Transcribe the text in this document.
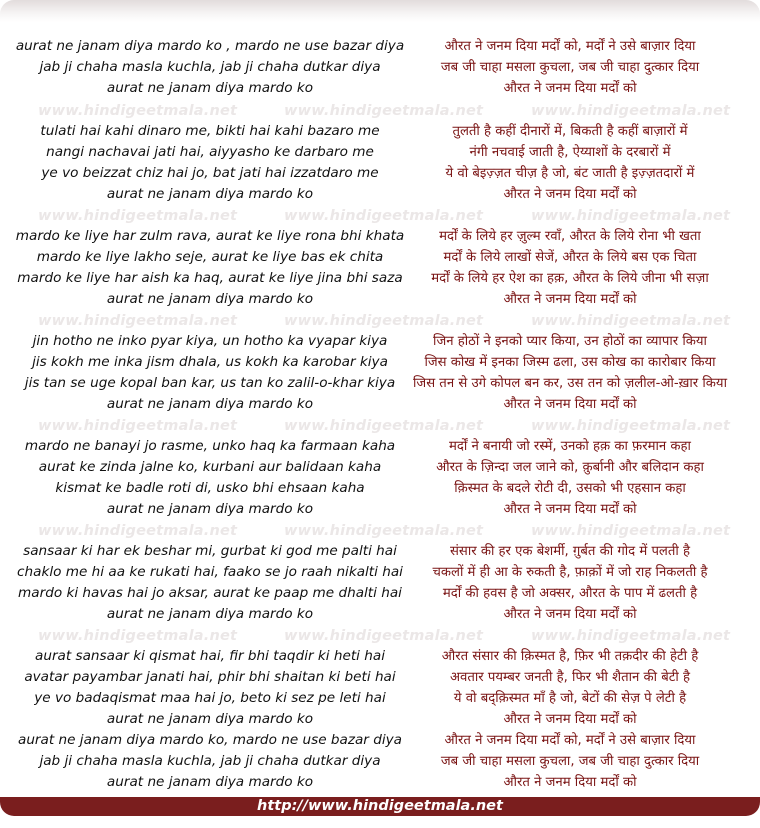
www.hindigeetmala.net	www.hindigeetmala.net	www.hindigeetmala.net
www.hindigeetmala.net	www.hindigeetmala.net	www.hindigeetmala.net
www.hindigeetmala.net	www.hindigeetmala.net	www.hindigeetmala.net
www.hindigeetmala.net	www.hindigeetmala.net	www.hindigeetmala.net
www.hindigeetmala.net	www.hindigeetmala.net	www.hindigeetmala.net
www.hindigeetmala.net	www.hindigeetmala.net	www.hindigeetmala.net
aurat ne janam diya mardo ko , mardo ne use bazar diya
jab ji chaha masla kuchla, jab ji chaha dutkar diya
aurat ne janam diya mardo ko
औरत ने जनम दिया मर्दों को, मर्दों ने उसे बाज़ार दिया
जब जी चाहा मसला कुचला, जब जी चाहा दुत्कार दिया
औरत ने जनम दिया मर्दों को
tulati hai kahi dinaro me, bikti hai kahi bazaro me
nangi nachavai jati hai, aiyyasho ke darbaro me
ye vo beizzat chiz hai jo, bat jati hai izzatdaro me
aurat ne janam diya mardo ko
तुलती है कहीं दीनारों में, बिकती है कहीं बाज़ारों में
नंगी नचवाई जाती है, ऐय्याशों के दरबारों में
ये वो बेइज़्ज़त चीज़ है जो, बंट जाती है इज़्ज़तदारों में
औरत ने जनम दिया मर्दों को
mardo ke liye har zulm rava, aurat ke liye rona bhi khata
mardo ke liye lakho seje, aurat ke liye bas ek chita
mardo ke liye har aish ka haq, aurat ke liye jina bhi saza
aurat ne janam diya mardo ko
मर्दों के लिये हर ज़ुल्म रवाँ, औरत के लिये रोना भी खता
मर्दों के लिये लाखों सेजें, औरत के लिये बस एक चिता
मर्दों के लिये हर ऐश का हक़, औरत के लिये जीना भी सज़ा
औरत ने जनम दिया मर्दों को
jin hotho ne inko pyar kiya, un hotho ka vyapar kiya
jis kokh me inka jism dhala, us kokh ka karobar kiya
jis tan se uge kopal ban kar, us tan ko zalil-o-khar kiya
aurat ne janam diya mardo ko
जिन होठों ने इनको प्यार किया, उन होठों का व्यापार किया
जिस कोख में इनका जिस्म ढला, उस कोख का कारोबार किया
जिस तन से उगे कोपल बन कर, उस तन को ज़लील-ओ-ख़ार किया
औरत ने जनम दिया मर्दों को
mardo ne banayi jo rasme, unko haq ka farmaan kaha
aurat ke zinda jalne ko, kurbani aur balidaan kaha
kismat ke badle roti di, usko bhi ehsaan kaha
aurat ne janam diya mardo ko
मर्दों ने बनायी जो रस्में, उनको हक़ का फ़रमान कहा
औरत के ज़िन्दा जल जाने को, क़ुर्बानी और बलिदान कहा
क़िस्मत के बदले रोटी दी, उसको भी एहसान कहा
औरत ने जनम दिया मर्दों को
sansaar ki har ek beshar mi, gurbat ki god me palti hai
chaklo me hi aa ke rukati hai, faako se jo raah nikalti hai
mardo ki havas hai jo aksar, aurat ke paap me dhalti hai
aurat ne janam diya mardo ko
संसार की हर एक बेशर्मी, ग़ुर्बत की गोद में पलती है
चकलों में ही आ के रुकती है, फ़ाक़ों में जो राह निकलती है
मर्दों की हवस है जो अक्सर, औरत के पाप में ढलती है
औरत ने जनम दिया मर्दों को
aurat sansaar ki qismat hai, fir bhi taqdir ki heti hai
avatar payambar janati hai, phir bhi shaitan ki beti hai
ye vo badaqismat maa hai jo, beto ki sez pe leti hai
aurat ne janam diya mardo ko
aurat ne janam diya mardo ko, mardo ne use bazar diya
jab ji chaha masla kuchla, jab ji chaha dutkar diya
aurat ne janam diya mardo ko
औरत संसार की क़िस्मत है, फ़िर भी तक़दीर की हेटी है
अवतार पयम्बर जनती है, फिर भी शैतान की बेटी है
ये वो बद्क़िस्मत माँ है जो, बेटों की सेज़ पे लेटी है
औरत ने जनम दिया मर्दों को
औरत ने जनम दिया मर्दों को, मर्दों ने उसे बाज़ार दिया
जब जी चाहा मसला कुचला, जब जी चाहा दुत्कार दिया
औरत ने जनम दिया मर्दों को
http://www.hindigeetmala.net
